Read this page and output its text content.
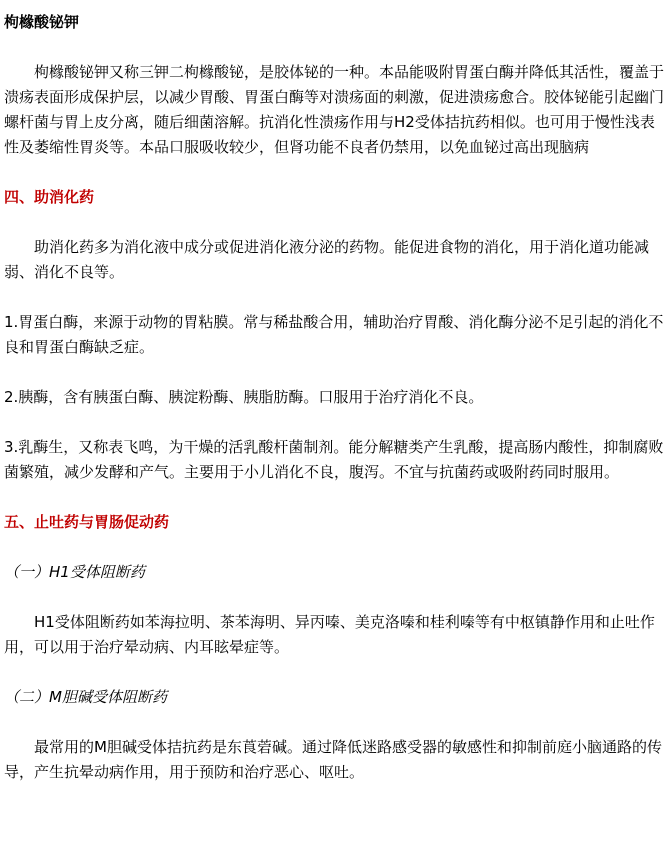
枸橼酸铋钾
枸橼酸铋钾又称三钾二枸橼酸铋，是胶体铋的一种。本品能吸附胃蛋白酶并降低其活性，覆盖于溃疡表面形成保护层，以减少胃酸、胃蛋白酶等对溃疡面的刺激，促进溃疡愈合。胶体铋能引起幽门螺杆菌与胃上皮分离，随后细菌溶解。抗消化性溃疡作用与H2受体拮抗药相似。也可用于慢性浅表性及萎缩性胃炎等。本品口服吸收较少，但肾功能不良者仍禁用，以免血铋过高出现脑病
四、助消化药
助消化药多为消化液中成分或促进消化液分泌的药物。能促进食物的消化，用于消化道功能减弱、消化不良等。
1.胃蛋白酶，来源于动物的胃粘膜。常与稀盐酸合用，辅助治疗胃酸、消化酶分泌不足引起的消化不良和胃蛋白酶缺乏症。
2.胰酶，含有胰蛋白酶、胰淀粉酶、胰脂肪酶。口服用于治疗消化不良。
3.乳酶生，又称表飞鸣，为干燥的活乳酸杆菌制剂。能分解糖类产生乳酸，提高肠内酸性，抑制腐败菌繁殖，减少发酵和产气。主要用于小儿消化不良，腹泻。不宜与抗菌药或吸附药同时服用。
五、止吐药与胃肠促动药
（一）H1受体阻断药
H1受体阻断药如苯海拉明、茶苯海明、异丙嗪、美克洛嗪和桂利嗪等有中枢镇静作用和止吐作用，可以用于治疗晕动病、内耳眩晕症等。
（二）M胆碱受体阻断药
最常用的M胆碱受体拮抗药是东莨菪碱。通过降低迷路感受器的敏感性和抑制前庭小脑通路的传导，产生抗晕动病作用，用于预防和治疗恶心、呕吐。
